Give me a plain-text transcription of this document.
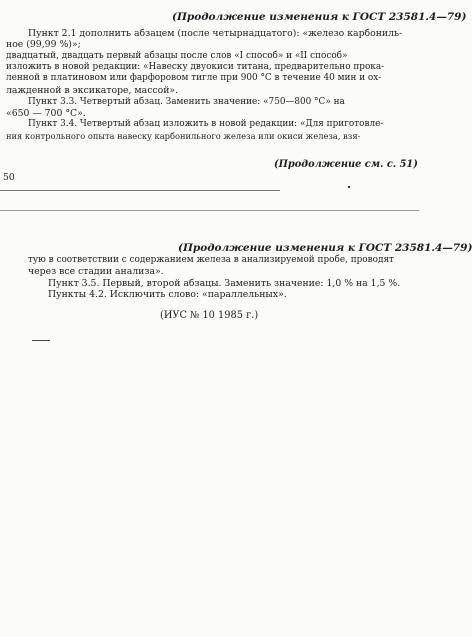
(Продолжение изменения к ГОСТ 23581.4—79)
Пункт 2.1 дополнить абзацем (после четырнадцатого): «железо карбониль-
ное (99,99 %)»;
двадцатый, двадцать первый абзацы после слов «I способ» и «II способ»
изложить в новой редакции: «Навеску двуокиси титана, предварительно прока-
ленной в платиновом или фарфоровом тигле при 900 °С в течение 40 мин и ох-
лажденной в эксикаторе, массой».
Пункт 3.3. Четвертый абзац. Заменить значение: «750—800 °С» на
«650 — 700 °С».
Пункт 3.4. Четвертый абзац изложить в новой редакции: «Для приготовле-
ния контрольного опыта навеску карбонильного железа или окиси железа, взя-
(Продолжение см. с. 51)
50
(Продолжение изменения к ГОСТ 23581.4—79)
тую в соответствии с содержанием железа в анализируемой пробе, проводят
через все стадии анализа».
Пункт 3.5. Первый, второй абзацы. Заменить значение: 1,0 % на 1,5 %.
Пункты 4.2. Исключить слово: «параллельных».
(ИУС № 10 1985 г.)
